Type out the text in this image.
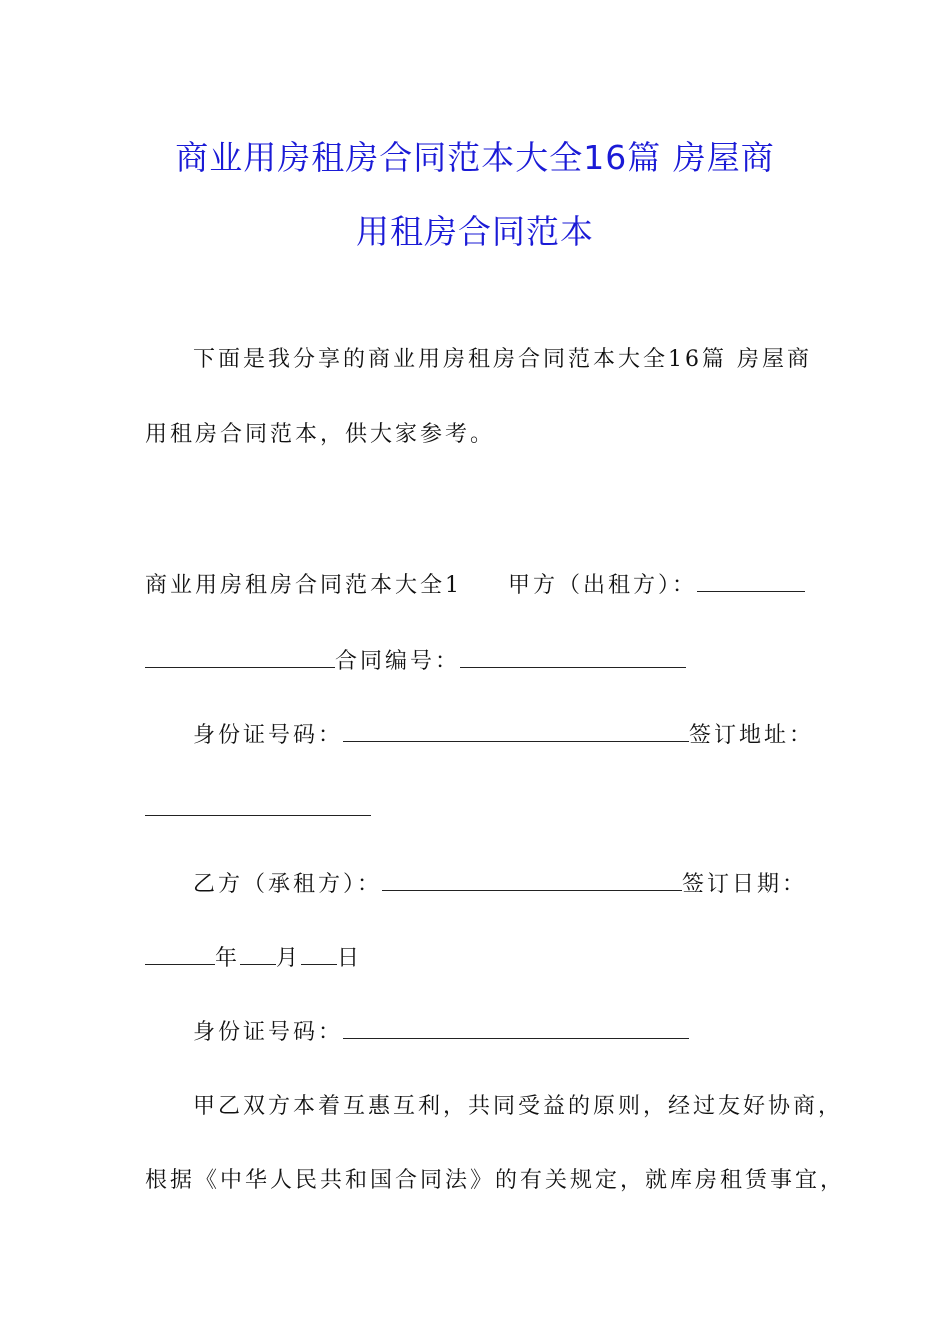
商业用房租房合同范本大全16篇 房屋商
用租房合同范本
下面是我分享的商业用房租房合同范本大全16篇 房屋商
用租房合同范本，供大家参考。
商业用房租房合同范本大全1 甲方（出租方）：
合同编号：
身份证号码：	签订地址：
乙方（承租方）：	签订日期：
年 月 日
身份证号码：
甲乙双方本着互惠互利，共同受益的原则，经过友好协商，
根据《中华人民共和国合同法》的有关规定，就库房租赁事宜，
